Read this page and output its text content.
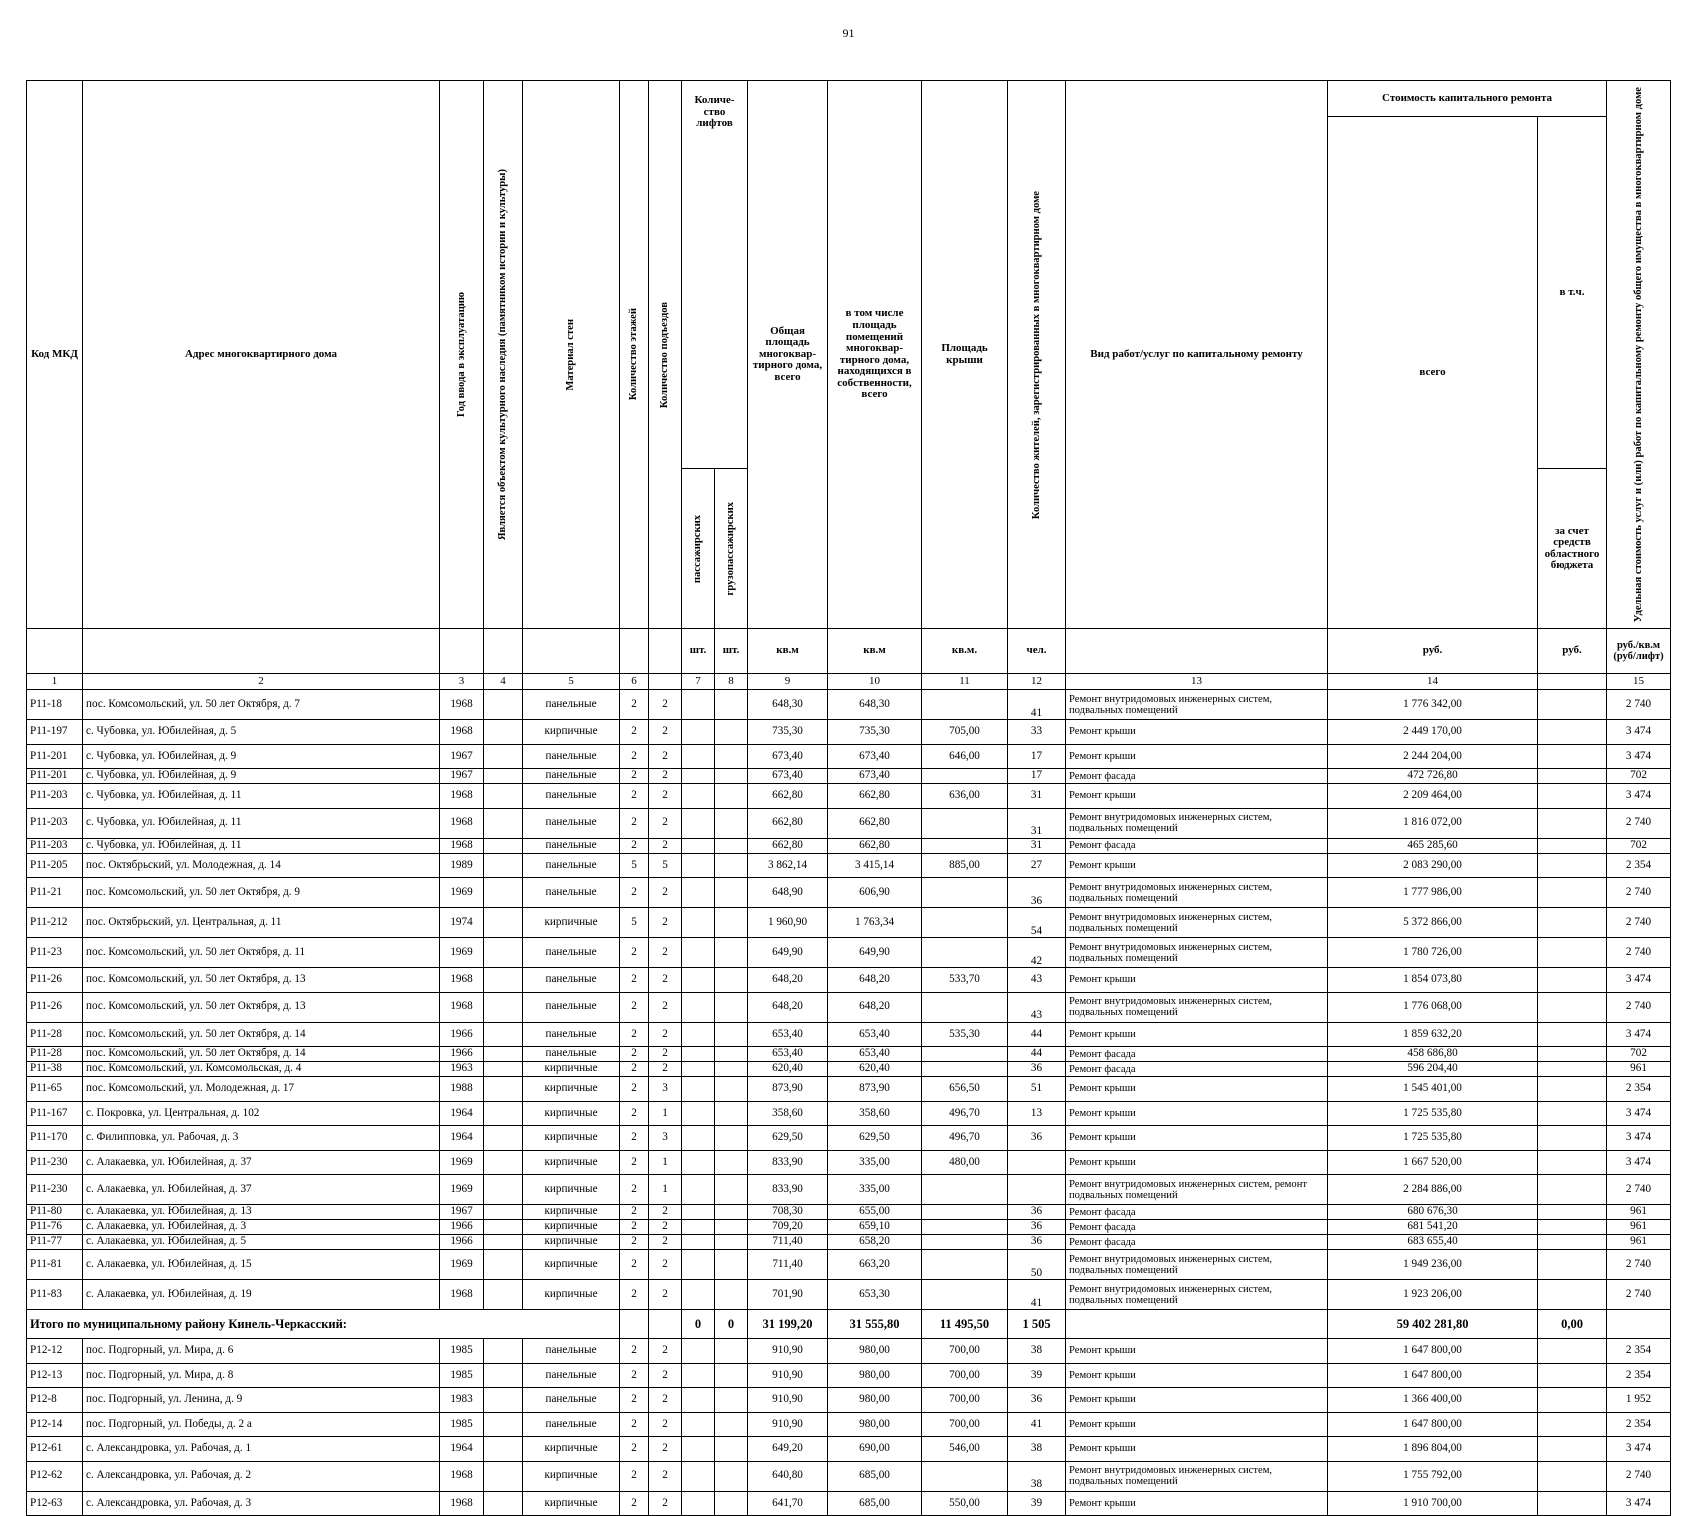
91
Код МКД	Адрес многоквартирного дома	Год ввода в эксплуатацию	Является объектом культурного наследия (памятником истории и культуры)	Материал стен	Количество этажей	Количество подъездов	Количе-
ство
лифтов		Общая площадь многоквар-тирного дома, всего	в том числе площадь помещений многоквар-тирного дома, находящихся в собственности, всего	Площадь крыши	Количество жителей, зарегистрированных в многоквартирном доме	Вид работ/услуг по капитальному ремонту	Стоимость капитального ремонта		Удельная стоимость услуг и (или) работ по капитальному ремонту общего имущества в многоквартирном доме

														всего	в т.ч.		

							пассажирских	грузопассажирских							за счет средств областного бюджета		
							шт.	шт.	кв.м	кв.м	кв.м.	чел.		руб.	руб.	руб./кв.м (руб/лифт)	
1	2	3	4	5	6		7	8	9	10	11	12	13	14		15	
Р11-18	пос. Комсомольский, ул. 50 лет Октября, д. 7	1968		панельные	2	2			648,30	648,30		41	Ремонт внутридомовых инженерных систем, подвальных помещений	1 776 342,00		2 740	
Р11-197	с. Чубовка, ул. Юбилейная, д. 5	1968		кирпичные	2	2			735,30	735,30	705,00	33	Ремонт крыши	2 449 170,00		3 474	
Р11-201	с. Чубовка, ул. Юбилейная, д. 9	1967		панельные	2	2			673,40	673,40	646,00	17	Ремонт крыши	2 244 204,00		3 474	
Р11-201	с. Чубовка, ул. Юбилейная, д. 9	1967		панельные	2	2			673,40	673,40		17	Ремонт фасада	472 726,80		702	
Р11-203	с. Чубовка, ул. Юбилейная, д. 11	1968		панельные	2	2			662,80	662,80	636,00	31	Ремонт крыши	2 209 464,00		3 474	
Р11-203	с. Чубовка, ул. Юбилейная, д. 11	1968		панельные	2	2			662,80	662,80		31	Ремонт внутридомовых инженерных систем, подвальных помещений	1 816 072,00		2 740	
Р11-203	с. Чубовка, ул. Юбилейная, д. 11	1968		панельные	2	2			662,80	662,80		31	Ремонт фасада	465 285,60		702	
Р11-205	пос. Октябрьский, ул. Молодежная, д. 14	1989		панельные	5	5			3 862,14	3 415,14	885,00	27	Ремонт крыши	2 083 290,00		2 354	
Р11-21	пос. Комсомольский, ул. 50 лет Октября, д. 9	1969		панельные	2	2			648,90	606,90		36	Ремонт внутридомовых инженерных систем, подвальных помещений	1 777 986,00		2 740	
Р11-212	пос. Октябрьский, ул. Центральная, д. 11	1974		кирпичные	5	2			1 960,90	1 763,34		54	Ремонт внутридомовых инженерных систем, подвальных помещений	5 372 866,00		2 740	
Р11-23	пос. Комсомольский, ул. 50 лет Октября, д. 11	1969		панельные	2	2			649,90	649,90		42	Ремонт внутридомовых инженерных систем, подвальных помещений	1 780 726,00		2 740	
Р11-26	пос. Комсомольский, ул. 50 лет Октября, д. 13	1968		панельные	2	2			648,20	648,20	533,70	43	Ремонт крыши	1 854 073,80		3 474	
Р11-26	пос. Комсомольский, ул. 50 лет Октября, д. 13	1968		панельные	2	2			648,20	648,20		43	Ремонт внутридомовых инженерных систем, подвальных помещений	1 776 068,00		2 740	
Р11-28	пос. Комсомольский, ул. 50 лет Октября, д. 14	1966		панельные	2	2			653,40	653,40	535,30	44	Ремонт крыши	1 859 632,20		3 474	
Р11-28	пос. Комсомольский, ул. 50 лет Октября, д. 14	1966		панельные	2	2			653,40	653,40		44	Ремонт фасада	458 686,80		702	
Р11-38	пос. Комсомольский, ул. Комсомольская, д. 4	1963		кирпичные	2	2			620,40	620,40		36	Ремонт фасада	596 204,40		961	
Р11-65	пос. Комсомольский, ул. Молодежная, д. 17	1988		кирпичные	2	3			873,90	873,90	656,50	51	Ремонт крыши	1 545 401,00		2 354	
Р11-167	с. Покровка, ул. Центральная, д. 102	1964		кирпичные	2	1			358,60	358,60	496,70	13	Ремонт крыши	1 725 535,80		3 474	
Р11-170	с. Филипповка, ул. Рабочая, д. 3	1964		кирпичные	2	3			629,50	629,50	496,70	36	Ремонт крыши	1 725 535,80		3 474	
Р11-230	с. Алакаевка, ул. Юбилейная, д. 37	1969		кирпичные	2	1			833,90	335,00	480,00		Ремонт крыши	1 667 520,00		3 474	
Р11-230	с. Алакаевка, ул. Юбилейная, д. 37	1969		кирпичные	2	1			833,90	335,00			Ремонт внутридомовых инженерных систем, ремонт подвальных помещений	2 284 886,00		2 740	
Р11-80	с. Алакаевка, ул. Юбилейная, д. 13	1967		кирпичные	2	2			708,30	655,00		36	Ремонт фасада	680 676,30		961	
Р11-76	с. Алакаевка, ул. Юбилейная, д. 3	1966		кирпичные	2	2			709,20	659,10		36	Ремонт фасада	681 541,20		961	
Р11-77	с. Алакаевка, ул. Юбилейная, д. 5	1966		кирпичные	2	2			711,40	658,20		36	Ремонт фасада	683 655,40		961	
Р11-81	с. Алакаевка, ул. Юбилейная, д. 15	1969		кирпичные	2	2			711,40	663,20		50	Ремонт внутридомовых инженерных систем, подвальных помещений	1 949 236,00		2 740	
Р11-83	с. Алакаевка, ул. Юбилейная, д. 19	1968		кирпичные	2	2			701,90	653,30		41	Ремонт внутридомовых инженерных систем, подвальных помещений	1 923 206,00		2 740	
Итого по муниципальному району Кинель-Черкасский:							0	0	31 199,20	31 555,80	11 495,50	1 505		59 402 281,80	0,00		
Р12-12	пос. Подгорный, ул. Мира, д. 6	1985		панельные	2	2			910,90	980,00	700,00	38	Ремонт крыши	1 647 800,00		2 354	
Р12-13	пос. Подгорный, ул. Мира, д. 8	1985		панельные	2	2			910,90	980,00	700,00	39	Ремонт крыши	1 647 800,00		2 354	
Р12-8	пос. Подгорный, ул. Ленина, д. 9	1983		панельные	2	2			910,90	980,00	700,00	36	Ремонт крыши	1 366 400,00		1 952	
Р12-14	пос. Подгорный, ул. Победы, д. 2 а	1985		панельные	2	2			910,90	980,00	700,00	41	Ремонт крыши	1 647 800,00		2 354	
Р12-61	с. Александровка, ул. Рабочая, д. 1	1964		кирпичные	2	2			649,20	690,00	546,00	38	Ремонт крыши	1 896 804,00		3 474	
Р12-62	с. Александровка, ул. Рабочая, д. 2	1968		кирпичные	2	2			640,80	685,00		38	Ремонт внутридомовых инженерных систем, подвальных помещений	1 755 792,00		2 740	
Р12-63	с. Александровка, ул. Рабочая, д. 3	1968		кирпичные	2	2			641,70	685,00	550,00	39	Ремонт крыши	1 910 700,00		3 474	
